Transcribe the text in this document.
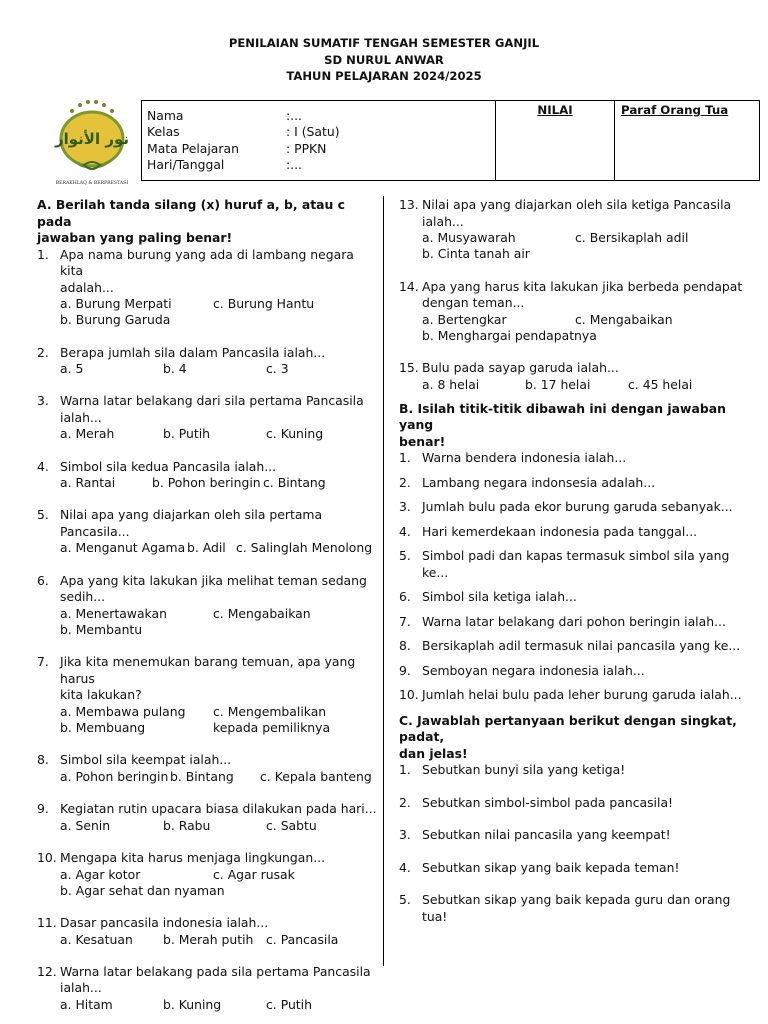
PENILAIAN SUMATIF TENGAH SEMESTER GANJIL
SD NURUL ANWAR
TAHUN PELAJARAN 2024/2025
نور الأنوار
BERAKHLAQ & BERPRESTASI
Nama	:...
Kelas	: I (Satu)
Mata Pelajaran	: PPKN
Hari/Tanggal	:...
NILAI	Paraf Orang Tua
A. Berilah tanda silang (x) huruf a, b, atau c pada
jawaban yang paling benar!
1. Apa nama burung yang ada di lambang negara kita
adalah...
a. Burung Merpati	c. Burung Hantu
b. Burung Garuda
2. Berapa jumlah sila dalam Pancasila ialah...
a. 5	b. 4	c. 3
3. Warna latar belakang dari sila pertama Pancasila
ialah...
a. Merah	b. Putih	c. Kuning
4. Simbol sila kedua Pancasila ialah...
a. Rantai	b. Pohon beringin c. Bintang
5. Nilai apa yang diajarkan oleh sila pertama Pancasila...
a. Menganut Agama b. Adil c. Salinglah Menolong
6. Apa yang kita lakukan jika melihat teman sedang
sedih...
a. Menertawakan	c. Mengabaikan
b. Membantu
7. Jika kita menemukan barang temuan, apa yang harus
kita lakukan?
a. Membawa pulang c. Mengembalikan
b. Membuang	kepada pemiliknya
8. Simbol sila keempat ialah...
a. Pohon beringin b. Bintang c. Kepala banteng
9. Kegiatan rutin upacara biasa dilakukan pada hari...
a. Senin	b. Rabu	c. Sabtu
10. Mengapa kita harus menjaga lingkungan...
a. Agar kotor	c. Agar rusak
b. Agar sehat dan nyaman
11. Dasar pancasila indonesia ialah...
a. Kesatuan b. Merah putih c. Pancasila
12. Warna latar belakang pada sila pertama Pancasila
ialah...
a. Hitam	b. Kuning	c. Putih
13. Nilai apa yang diajarkan oleh sila ketiga Pancasila
ialah...
a. Musyawarah	c. Bersikaplah adil
b. Cinta tanah air
14. Apa yang harus kita lakukan jika berbeda pendapat
dengan teman...
a. Bertengkar	c. Mengabaikan
b. Menghargai pendapatnya
15. Bulu pada sayap garuda ialah...
a. 8 helai	b. 17 helai	c. 45 helai
B. Isilah titik-titik dibawah ini dengan jawaban yang
benar!
1. Warna bendera indonesia ialah...
2. Lambang negara indonsesia adalah...
3. Jumlah bulu pada ekor burung garuda sebanyak...
4. Hari kemerdekaan indonesia pada tanggal...
5. Simbol padi dan kapas termasuk simbol sila yang ke...
6. Simbol sila ketiga ialah...
7. Warna latar belakang dari pohon beringin ialah...
8. Bersikaplah adil termasuk nilai pancasila yang ke...
9. Semboyan negara indonesia ialah...
10. Jumlah helai bulu pada leher burung garuda ialah...
C. Jawablah pertanyaan berikut dengan singkat, padat,
dan jelas!
1. Sebutkan bunyi sila yang ketiga!
2. Sebutkan simbol-simbol pada pancasila!
3. Sebutkan nilai pancasila yang keempat!
4. Sebutkan sikap yang baik kepada teman!
5. Sebutkan sikap yang baik kepada guru dan orang tua!
